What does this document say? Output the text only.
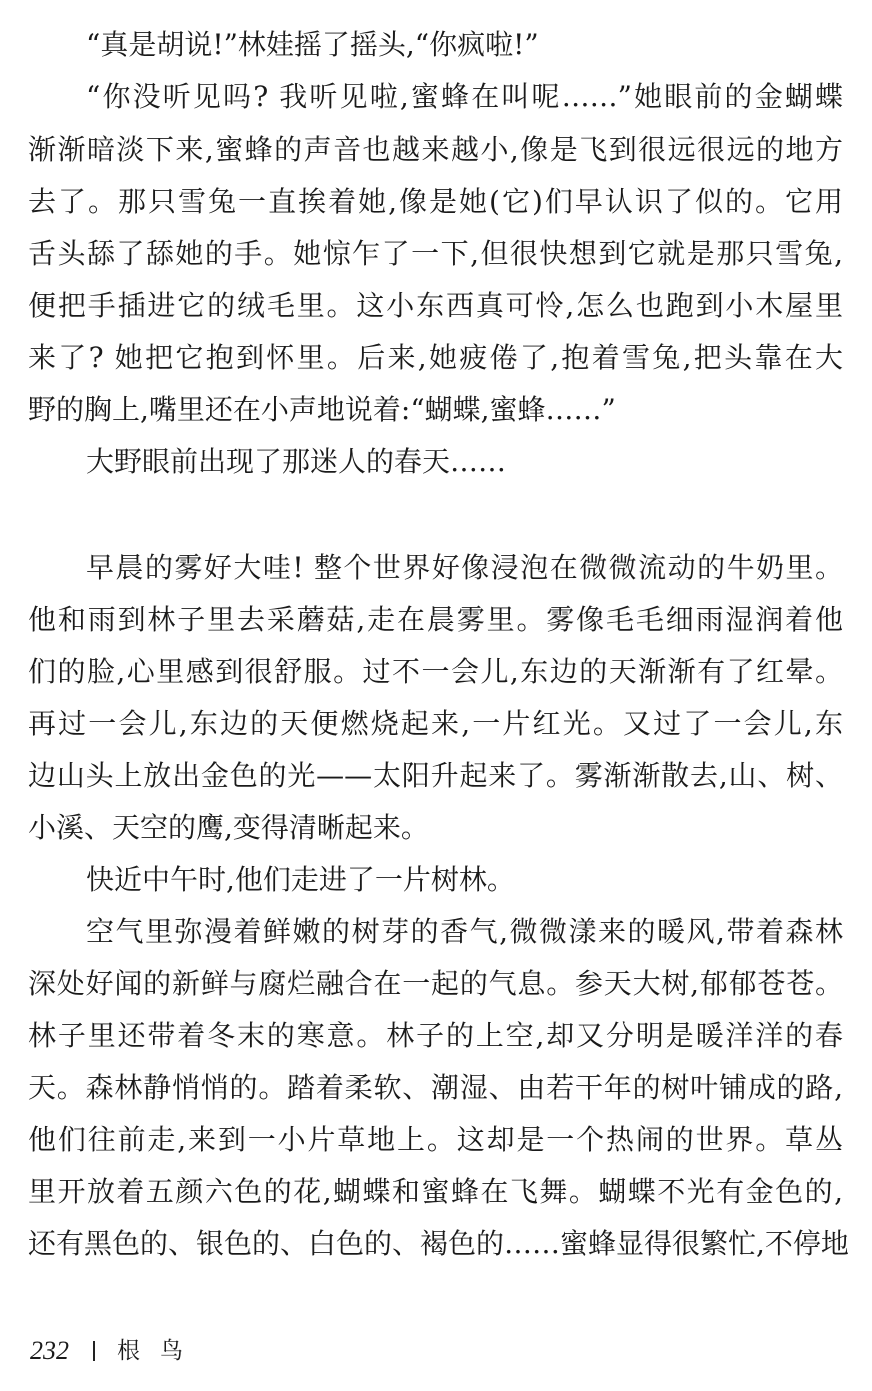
“真是胡说!”林娃摇了摇头,“你疯啦!”
“你没听见吗? 我听见啦,蜜蜂在叫呢……”她眼前的金蝴蝶
渐渐暗淡下来,蜜蜂的声音也越来越小,像是飞到很远很远的地方
去了。那只雪兔一直挨着她,像是她(它)们早认识了似的。它用
舌头舔了舔她的手。她惊乍了一下,但很快想到它就是那只雪兔,
便把手插进它的绒毛里。这小东西真可怜,怎么也跑到小木屋里
来了? 她把它抱到怀里。后来,她疲倦了,抱着雪兔,把头靠在大
野的胸上,嘴里还在小声地说着:“蝴蝶,蜜蜂……”
大野眼前出现了那迷人的春天……
早晨的雾好大哇! 整个世界好像浸泡在微微流动的牛奶里。
他和雨到林子里去采蘑菇,走在晨雾里。雾像毛毛细雨湿润着他
们的脸,心里感到很舒服。过不一会儿,东边的天渐渐有了红晕。
再过一会儿,东边的天便燃烧起来,一片红光。又过了一会儿,东
边山头上放出金色的光——太阳升起来了。雾渐渐散去,山、树、
小溪、天空的鹰,变得清晰起来。
快近中午时,他们走进了一片树林。
空气里弥漫着鲜嫩的树芽的香气,微微漾来的暖风,带着森林
深处好闻的新鲜与腐烂融合在一起的气息。参天大树,郁郁苍苍。
林子里还带着冬末的寒意。林子的上空,却又分明是暖洋洋的春
天。森林静悄悄的。踏着柔软、潮湿、由若干年的树叶铺成的路,
他们往前走,来到一小片草地上。这却是一个热闹的世界。草丛
里开放着五颜六色的花,蝴蝶和蜜蜂在飞舞。蝴蝶不光有金色的,
还有黑色的、银色的、白色的、褐色的……蜜蜂显得很繁忙,不停地
232 根鸟
